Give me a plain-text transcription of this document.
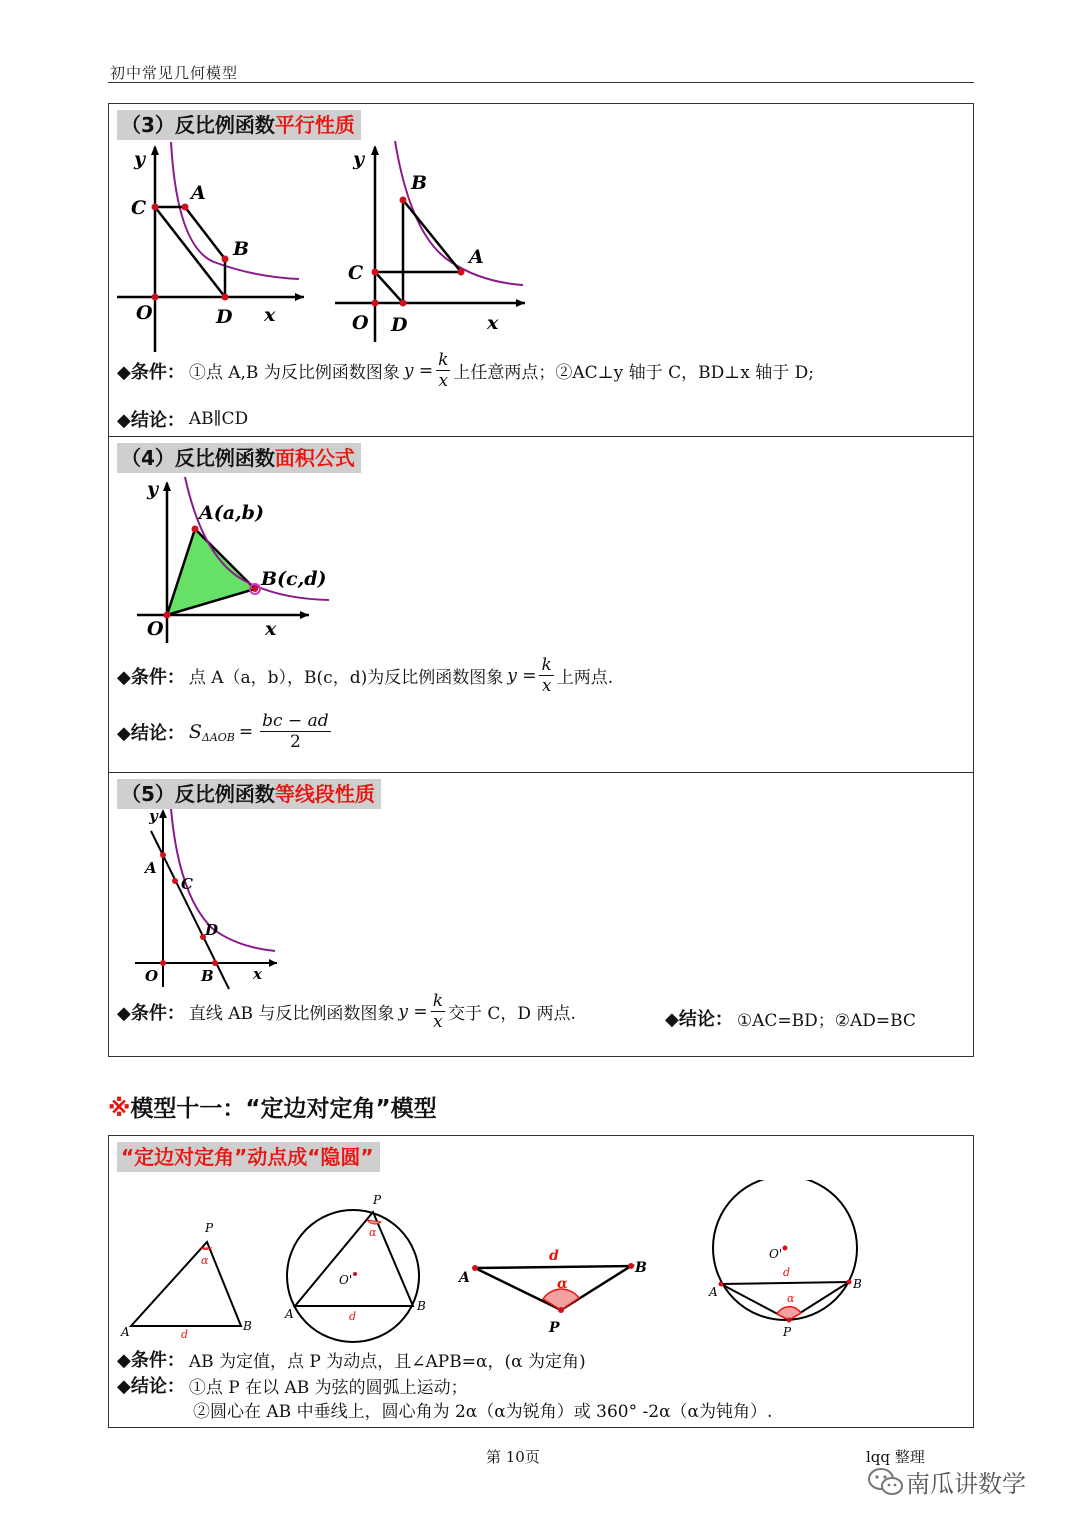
初中常见几何模型
（3）反比例函数平行性质
y
C
A
B
O	D x
y
B
A
C
O D	x
◆条件： ①点 A,B 为反比例函数图象 $y = \frac{k}{x}$ 上任意两点；②AC⊥y 轴于 C，BD⊥x 轴于 D;
◆结论： AB∥CD
（4）反比例函数面积公式
y
A(a,b)
B(c,d)
O	x
◆条件： 点 A（a，b），B(c，d)为反比例函数图象 $y = \frac{k}{x}$ 上两点.
◆结论： S $\Delta AOB = \frac{bc - ad}{2}$
（5）反比例函数等线段性质
y
A
C
D
O	B	x
◆条件： 直线 AB 与反比例函数图象 $y = \frac{k}{x}$ 交于 C，D 两点.	◆结论： ①AC=BD；②AD=BC
※模型十一：“定边对定角”模型
“定边对定角”动点成“隐圆”
P
α
A	B
d
P
α
O'
A
B
d
d
α
A
B
P
O'
d
α
A
B
P
◆条件： AB 为定值，点 P 为动点，且∠APB=α，(α 为定角)
◆结论： ①点 P 在以 AB 为弦的圆弧上运动；
②圆心在 AB 中垂线上，圆心角为 2α（α为锐角）或 360° -2α（α为钝角）.
第 10页	lqq 整理
南瓜讲数学
